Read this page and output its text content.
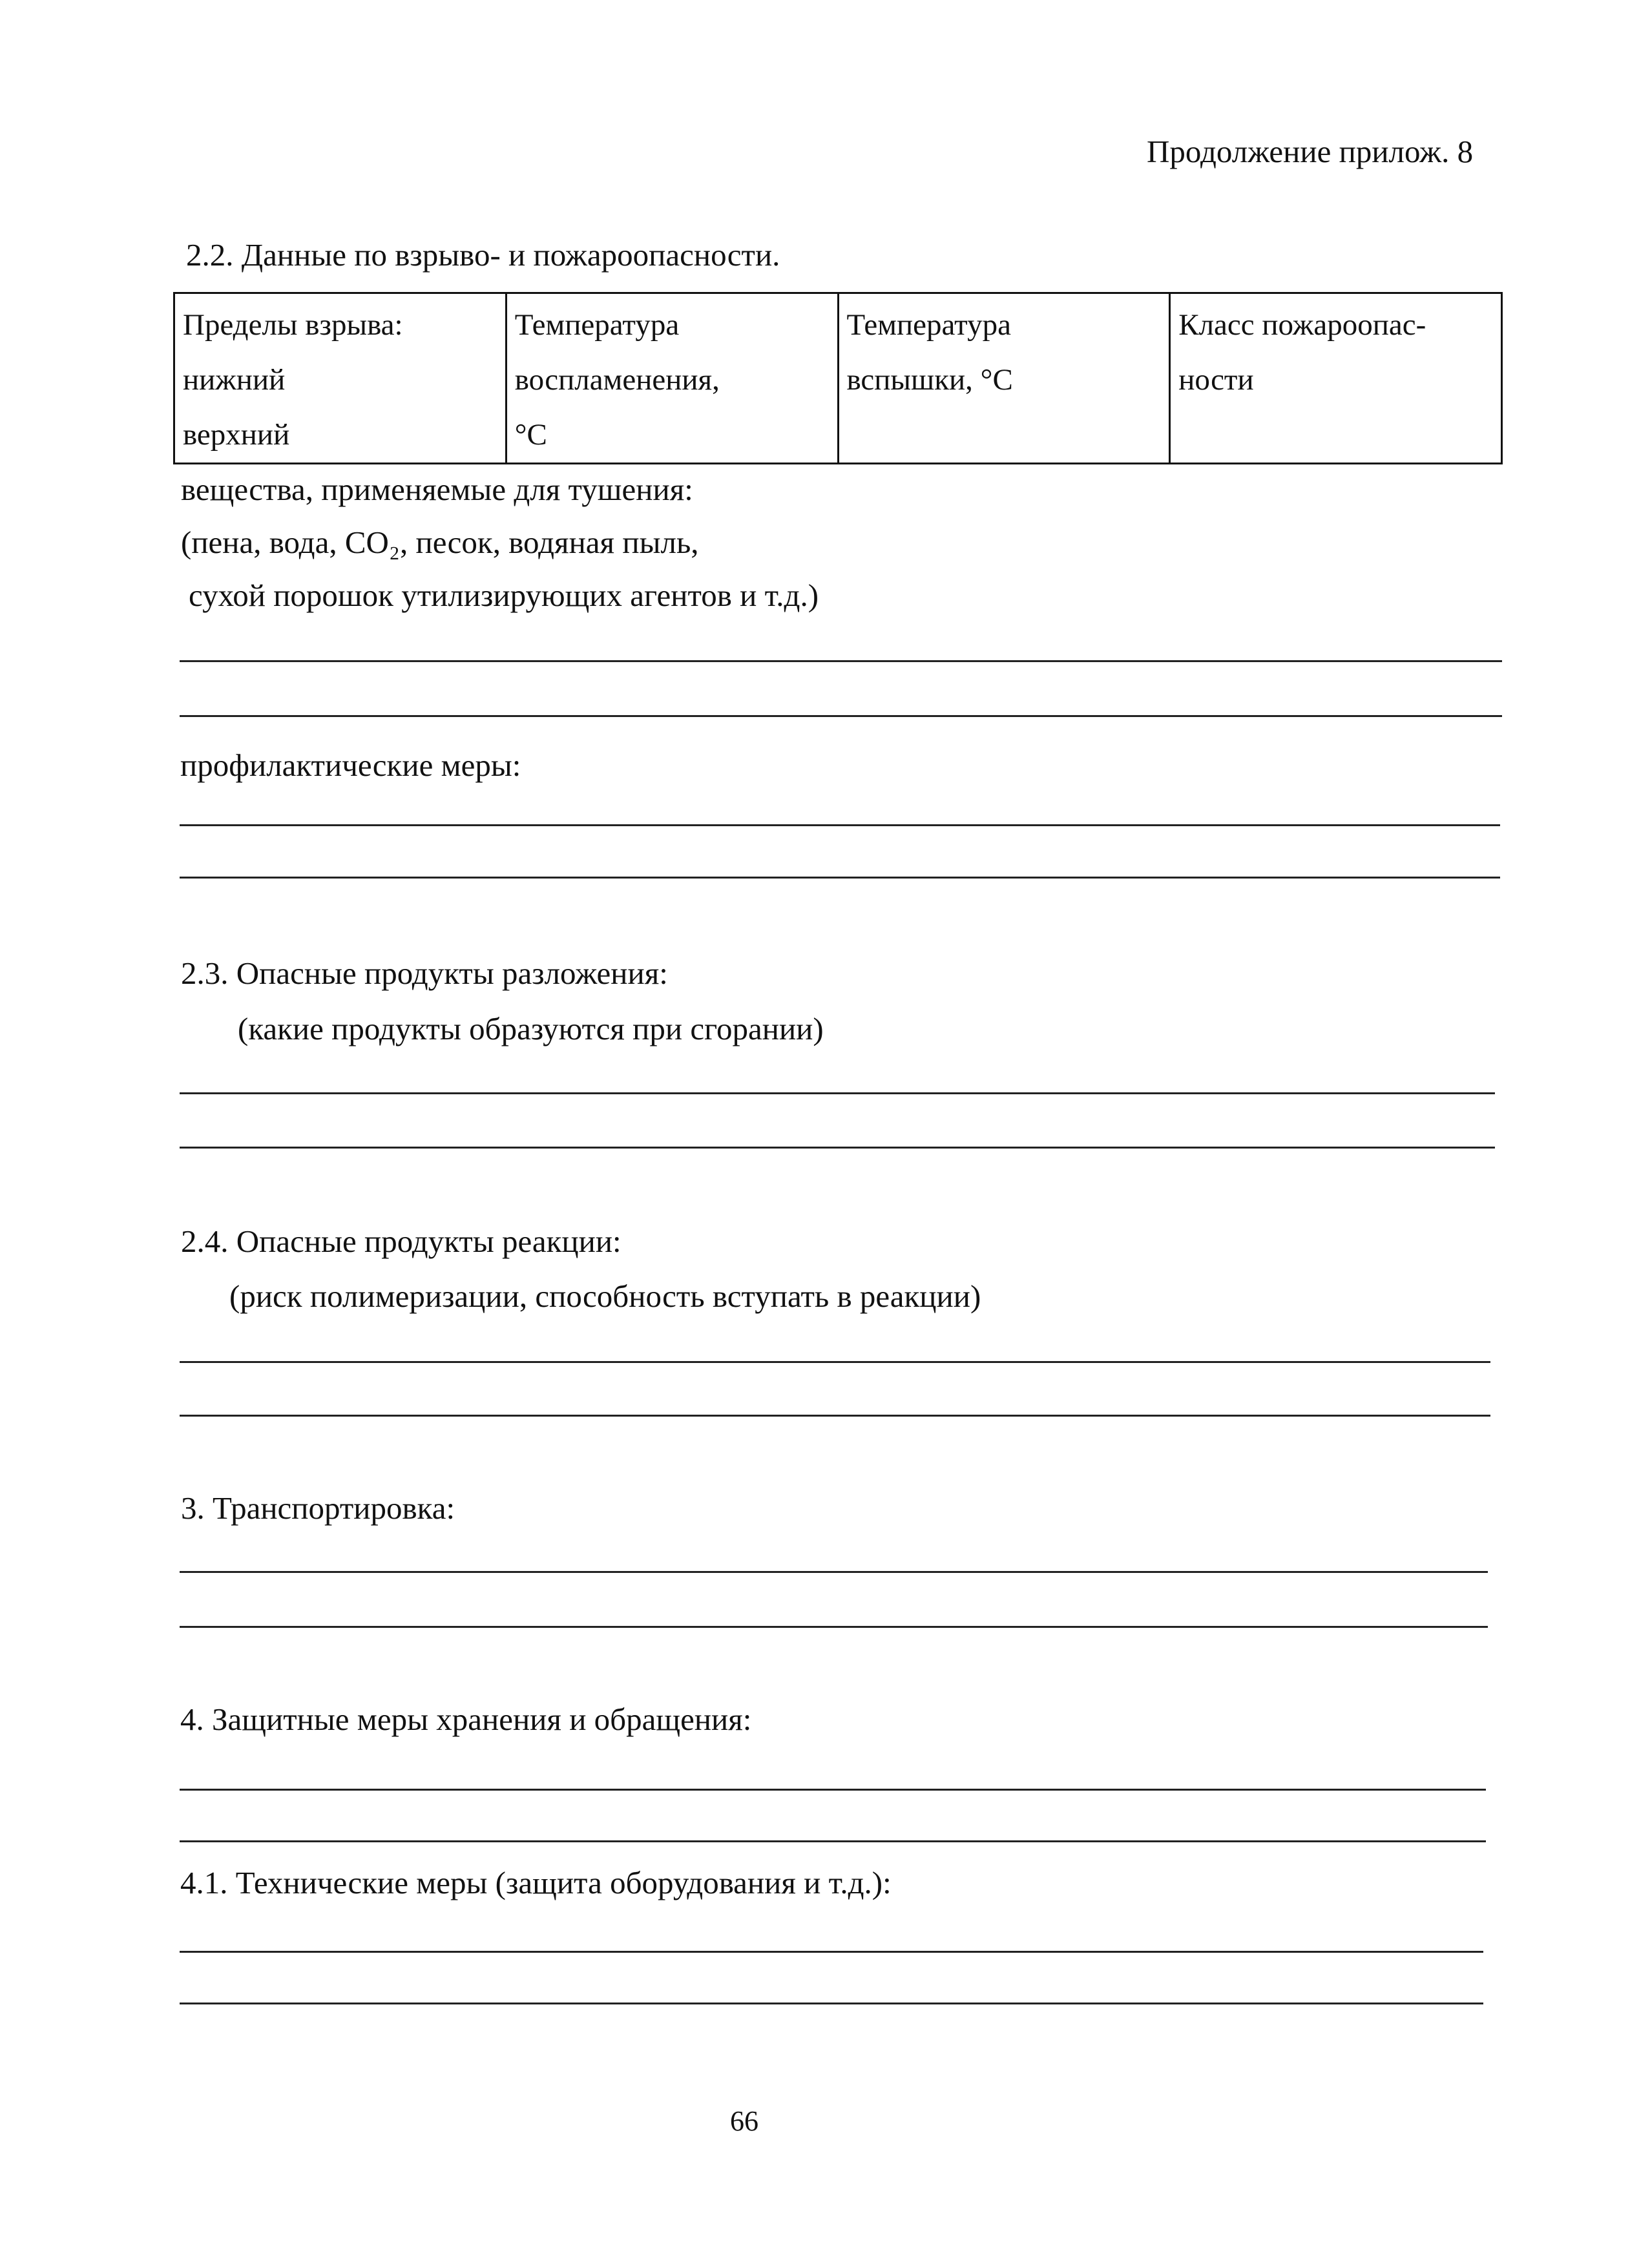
Продолжение прилож. 8
2.2. Данные по взрыво- и пожароопасности.
Пределы взрыва:
нижний
верхний

Температура
воспламенения,
°С

Температура
вспышки, °С

Класс пожароопас-
ности
вещества, применяемые для тушения:
(пена, вода, СО₂, песок, водяная пыль,
сухой порошок утилизирующих агентов и т.д.)
профилактические меры:
2.3. Опасные продукты разложения:
(какие продукты образуются при сгорании)
2.4. Опасные продукты реакции:
(риск полимеризации, способность вступать в реакции)
3. Транспортировка:
4. Защитные меры хранения и обращения:
4.1. Технические меры (защита оборудования и т.д.):
66
